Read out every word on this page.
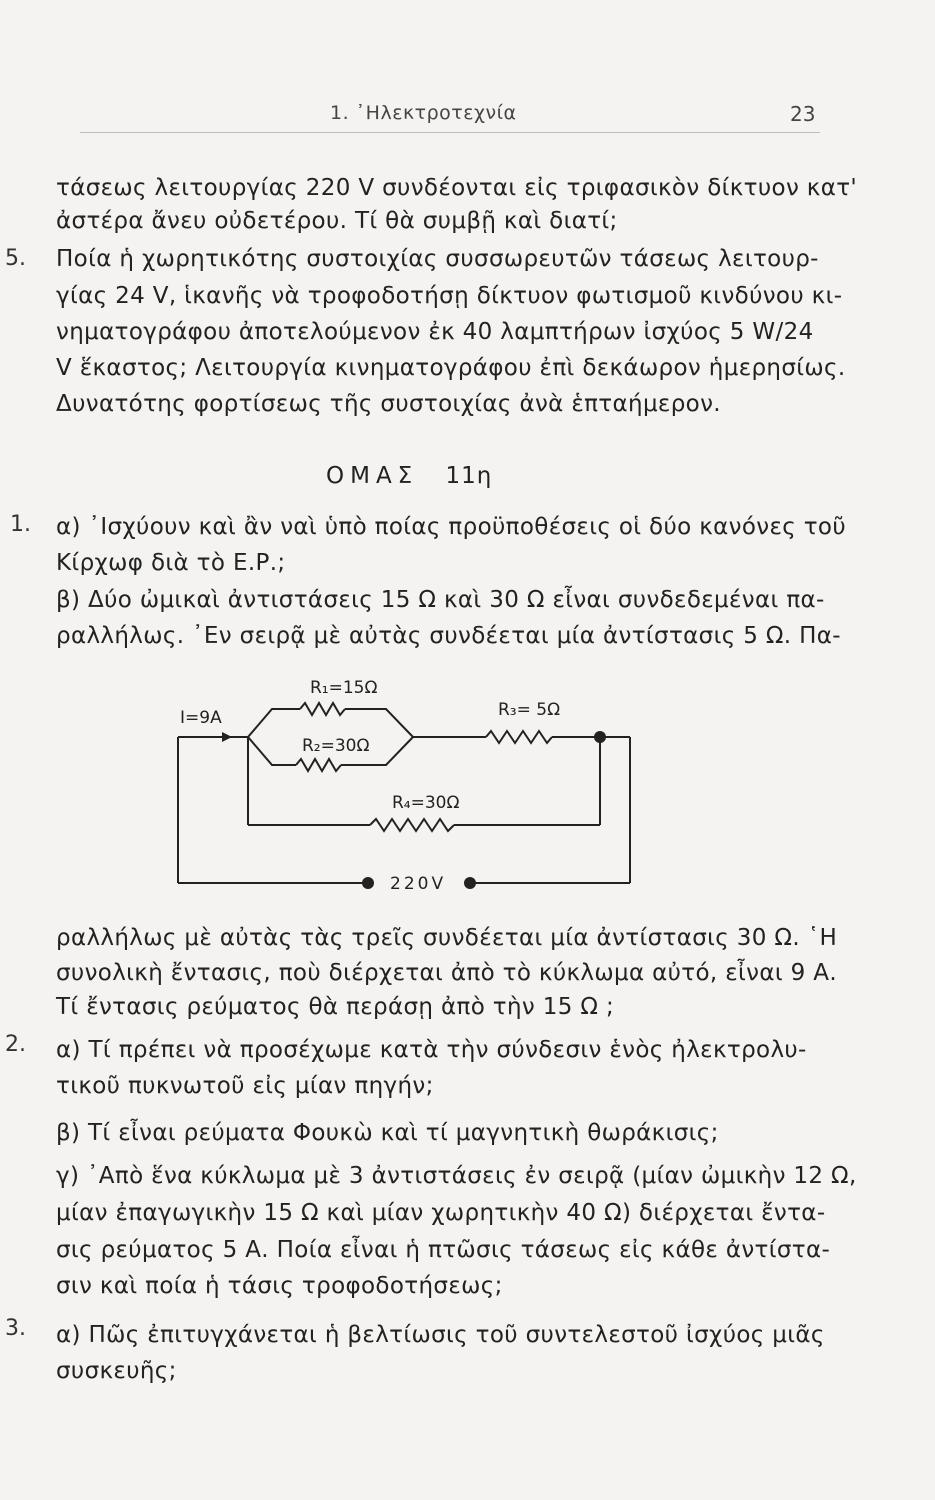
1. ᾿Ηλεκτροτεχνία	23
τάσεως λειτουργίας 220 V συνδέονται εἰς τριφασικὸν δίκτυον κατ'
ἀστέρα ἄνευ οὐδετέρου. Τί θὰ συμβῇ καὶ διατί;
5. Ποία ἡ χωρητικότης συστοιχίας συσσωρευτῶν τάσεως λειτουρ-
γίας 24 V, ἱκανῆς νὰ τροφοδοτήσῃ δίκτυον φωτισμοῦ κινδύνου κι-
νηματογράφου ἀποτελούμενον ἐκ 40 λαμπτήρων ἰσχύος 5 W/24
V ἕκαστος; Λειτουργία κινηματογράφου ἐπὶ δεκάωρον ἡμερησίως.
Δυνατότης φορτίσεως τῆς συστοιχίας ἀνὰ ἑπταήμερον.
ΟΜΑΣ 11η
1. α) ᾿Ισχύουν καὶ ἂν ναὶ ὑπὸ ποίας προϋποθέσεις οἱ δύο κανόνες τοῦ
Κίρχωφ διὰ τὸ Ε.Ρ.;
β) Δύο ὠμικαὶ ἀντιστάσεις 15 Ω καὶ 30 Ω εἶναι συνδεδεμέναι πα-
ραλλήλως. ᾿Εν σειρᾷ μὲ αὐτὰς συνδέεται μία ἀντίστασις 5 Ω. Πα-
I=9A
R₁=15Ω
R₂=30Ω
R₃= 5Ω
R₄=30Ω
220V
ραλλήλως μὲ αὐτὰς τὰς τρεῖς συνδέεται μία ἀντίστασις 30 Ω. ῾Η
συνολικὴ ἔντασις, ποὺ διέρχεται ἀπὸ τὸ κύκλωμα αὐτό, εἶναι 9 Α.
Τί ἔντασις ρεύματος θὰ περάσῃ ἀπὸ τὴν 15 Ω ;
2. α) Τί πρέπει νὰ προσέχωμε κατὰ τὴν σύνδεσιν ἑνὸς ἠλεκτρολυ-
τικοῦ πυκνωτοῦ εἰς μίαν πηγήν;
β) Τί εἶναι ρεύματα Φουκὼ καὶ τί μαγνητικὴ θωράκισις;
γ) ᾿Απὸ ἕνα κύκλωμα μὲ 3 ἀντιστάσεις ἐν σειρᾷ (μίαν ὠμικὴν 12 Ω,
μίαν ἐπαγωγικὴν 15 Ω καὶ μίαν χωρητικὴν 40 Ω) διέρχεται ἔντα-
σις ρεύματος 5 Α. Ποία εἶναι ἡ πτῶσις τάσεως εἰς κάθε ἀντίστα-
σιν καὶ ποία ἡ τάσις τροφοδοτήσεως;
3. α) Πῶς ἐπιτυγχάνεται ἡ βελτίωσις τοῦ συντελεστοῦ ἰσχύος μιᾶς
συσκευῆς;
